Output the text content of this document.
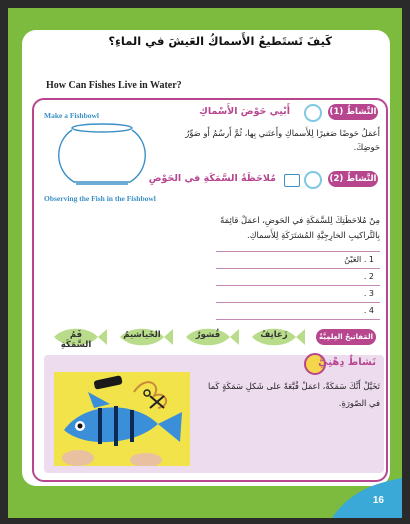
كَيفَ تَستَطيعُ الأَسماكُ العَيشَ في الماءِ؟
How Can Fishes Live in Water?
النَّشاطُ (1)
أَبْنِي حَوْضَ الأَسْماكِ
Make a Fishbowl
أَعمَلُ حَوضًا صَغيرًا لِلأَسماكِ وأَعتَني بِها، ثُمَّ أَرسُمُ أَو صَوِّرُ حَوضِكَ.
النَّشاطُ (2)
مُلاحَظَةُ السَّمَكَةِ في الحَوْضِ
Observing the Fish in the Fishbowl
مِنْ مُلاحَظَتِكَ لِلسَّمَكَةِ في الحَوضِ، اعمَلْ قائِمَةً
بِالتَّراكيبِ الخارِجِيَّةِ المُشتَرَكَةِ لِلأَسماكِ.
1 . العَيْنُ
2 .
3 .
4 .
المَفاتيحُ العِلمِيَّةُ
زَعانِفُ
قُشورٌ
الخَياشيمُ
فَمُ السَّمَكَةِ
نَشاطٌ دِهْنِيٌّ
تَخَيَّلْ أَنَّكَ سَمَكَةٌ، اعمَلْ قُبَّعَةً على شَكلِ سَمَكَةٍ كَما
في الصّورَةِ.
16
